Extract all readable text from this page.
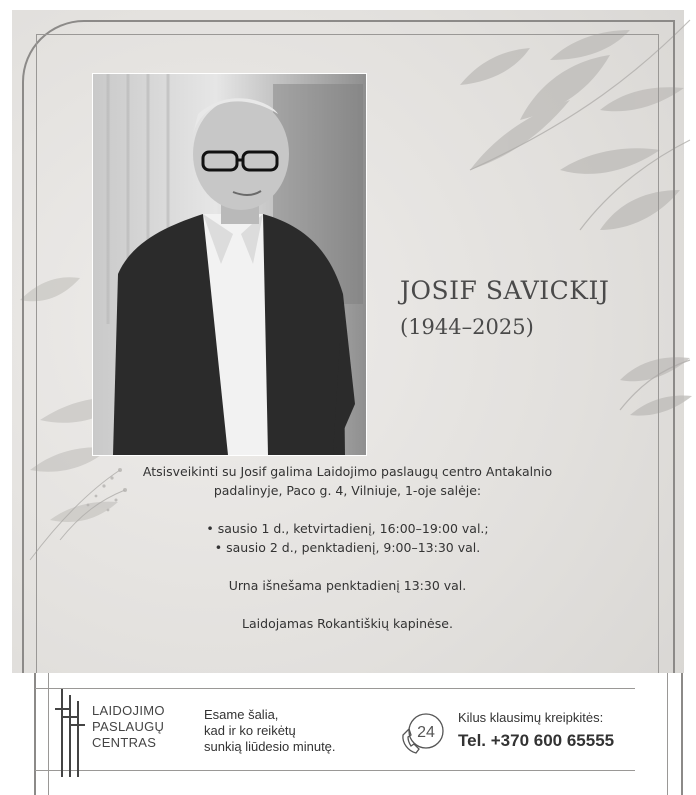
JOSIF SAVICKIJ
(1944–2025)

Atsisveikinti su Josif galima Laidojimo paslaugų centro Antakalnio

padalinyje, Paco g. 4, Vilniuje, 1-oje salėje:

• sausio 1 d., ketvirtadienį, 16:00–19:00 val.;

• sausio 2 d., penktadienį, 9:00–13:30 val.

Urna išnešama penktadienį 13:30 val.

Laidojamas Rokantiškių kapinėse.

LAIDOJIMO
PASLAUGŲ
CENTRAS
Esame šalia,
kad ir ko reikėtų
sunkią liūdesio minutę.
24
Kilus klausimų kreipkitės:
Tel. +370 600 65555
